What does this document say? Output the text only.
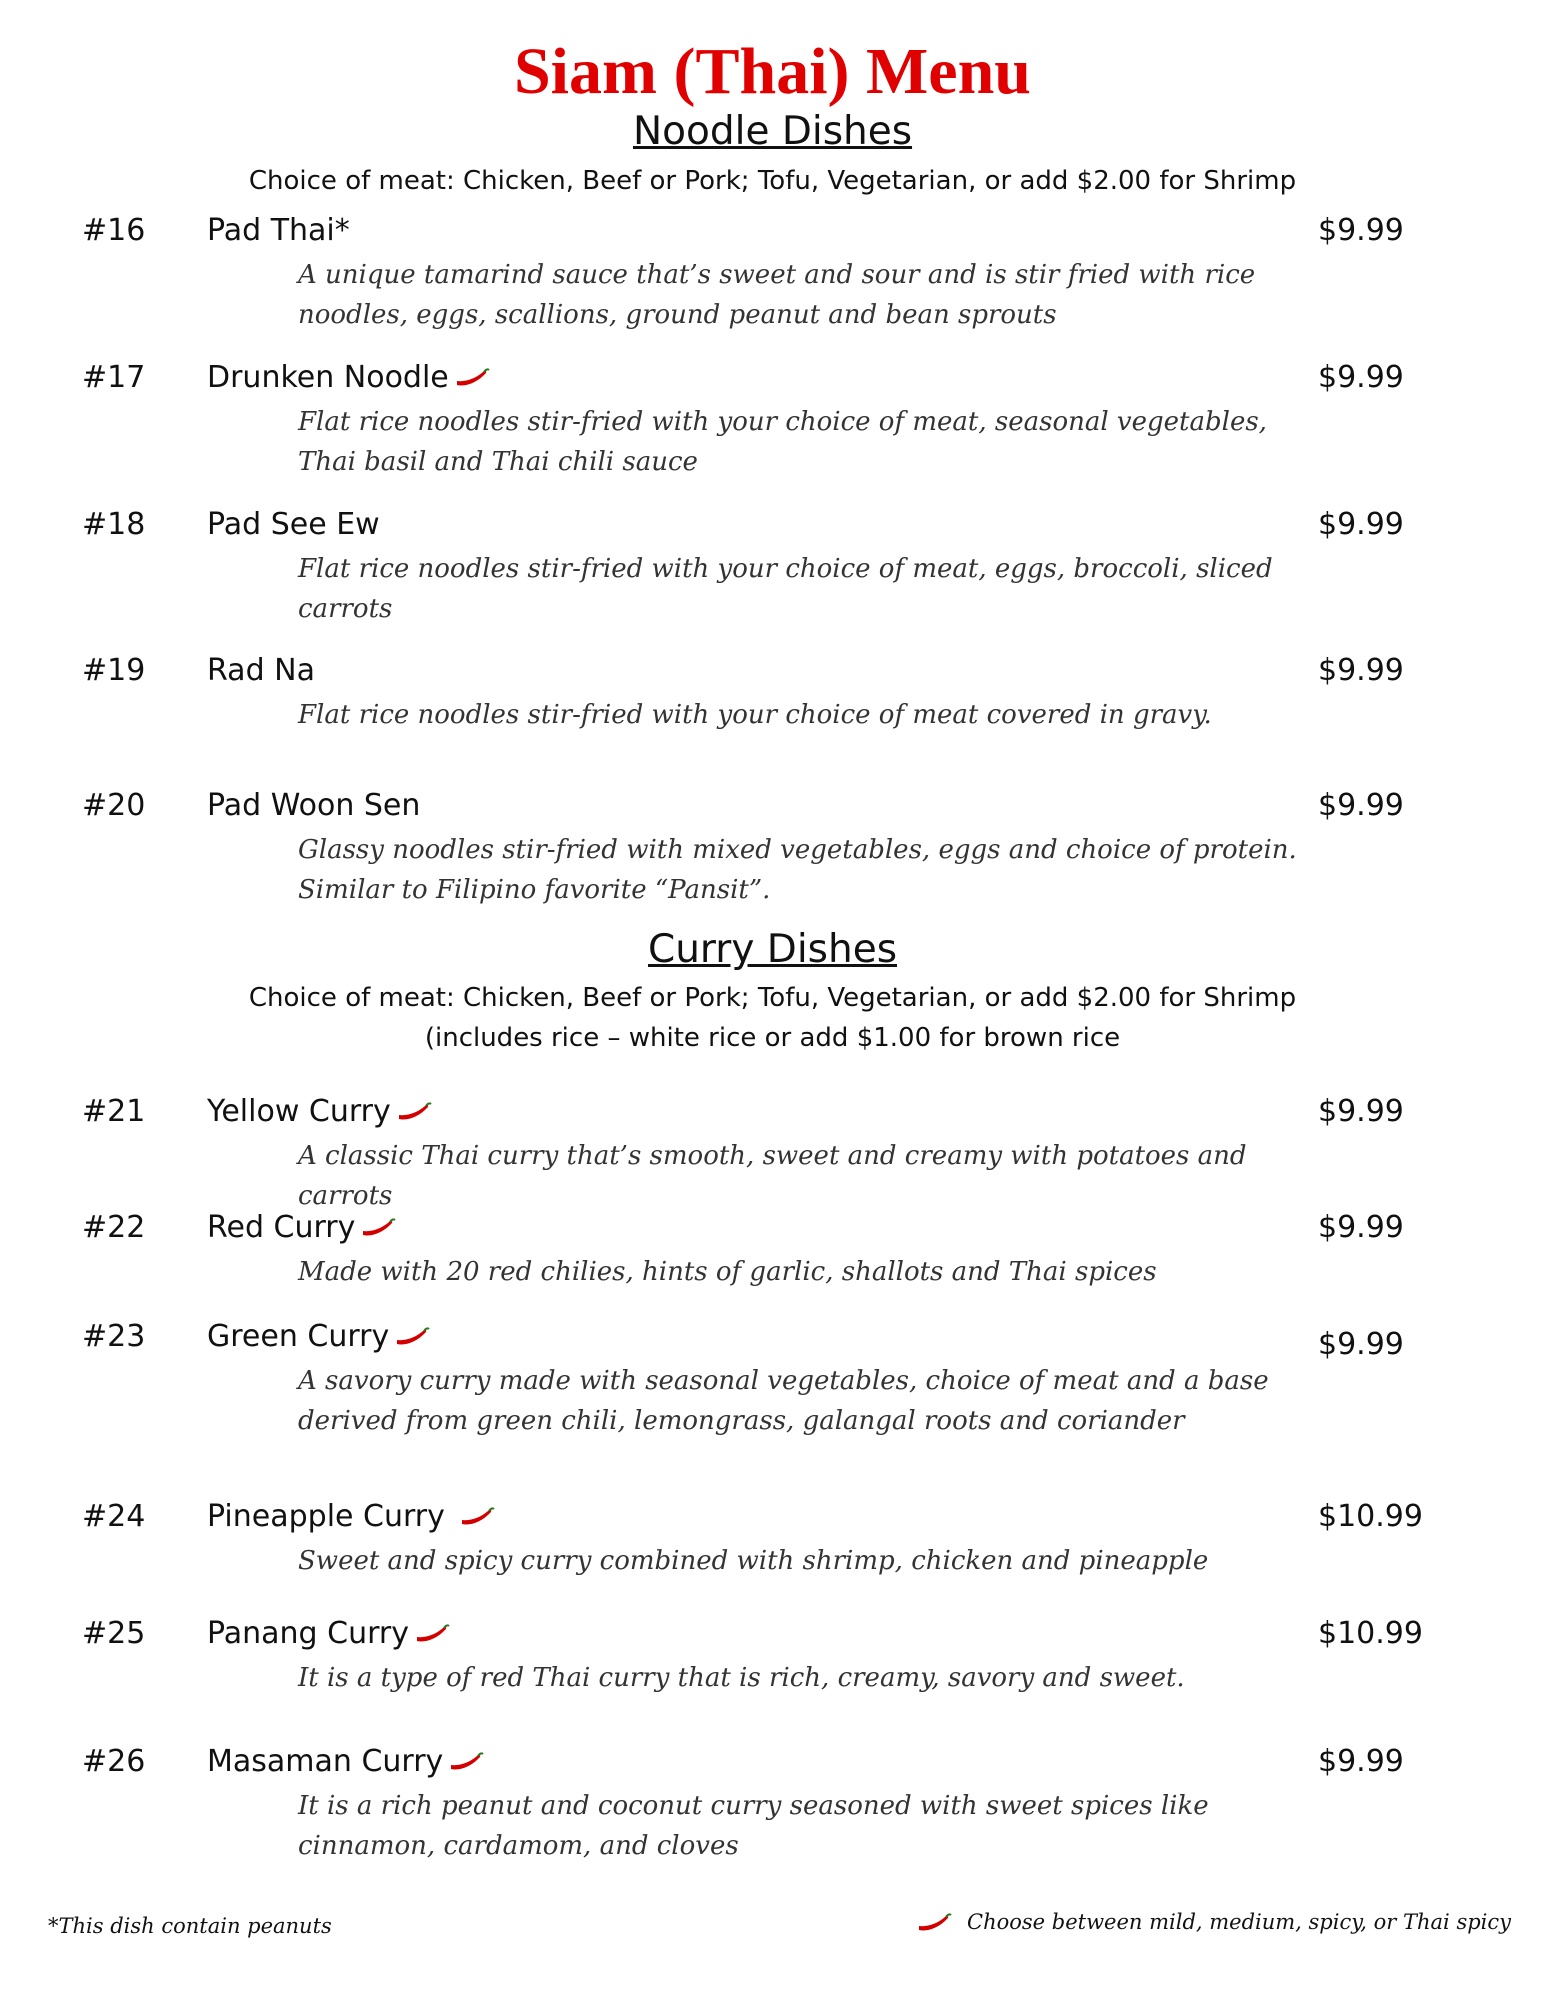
Siam (Thai) Menu
Noodle Dishes
Choice of meat: Chicken, Beef or Pork; Tofu, Vegetarian, or add $2.00 for Shrimp
#16 Pad Thai*	$9.99
A unique tamarind sauce that’s sweet and sour and is stir fried with rice noodles, eggs, scallions, ground peanut and bean sprouts
#17 Drunken Noodle	$9.99
Flat rice noodles stir-fried with your choice of meat, seasonal vegetables, Thai basil and Thai chili sauce
#18 Pad See Ew	$9.99
Flat rice noodles stir-fried with your choice of meat, eggs, broccoli, sliced carrots
#19 Rad Na	$9.99
Flat rice noodles stir-fried with your choice of meat covered in gravy.
#20 Pad Woon Sen	$9.99
Glassy noodles stir-fried with mixed vegetables, eggs and choice of protein. Similar to Filipino favorite “Pansit”.
Curry Dishes
Choice of meat: Chicken, Beef or Pork; Tofu, Vegetarian, or add $2.00 for Shrimp
(includes rice – white rice or add $1.00 for brown rice
#21 Yellow Curry	$9.99
A classic Thai curry that’s smooth, sweet and creamy with potatoes and carrots
#22 Red Curry	$9.99
Made with 20 red chilies, hints of garlic, shallots and Thai spices
#23 Green Curry	$9.99
A savory curry made with seasonal vegetables, choice of meat and a base derived from green chili, lemongrass, galangal roots and coriander
#24 Pineapple Curry	$10.99
Sweet and spicy curry combined with shrimp, chicken and pineapple
#25 Panang Curry	$10.99
It is a type of red Thai curry that is rich, creamy, savory and sweet.
#26 Masaman Curry	$9.99
It is a rich peanut and coconut curry seasoned with sweet spices like cinnamon, cardamom, and cloves
*This dish contain peanuts	Choose between mild, medium, spicy, or Thai spicy
